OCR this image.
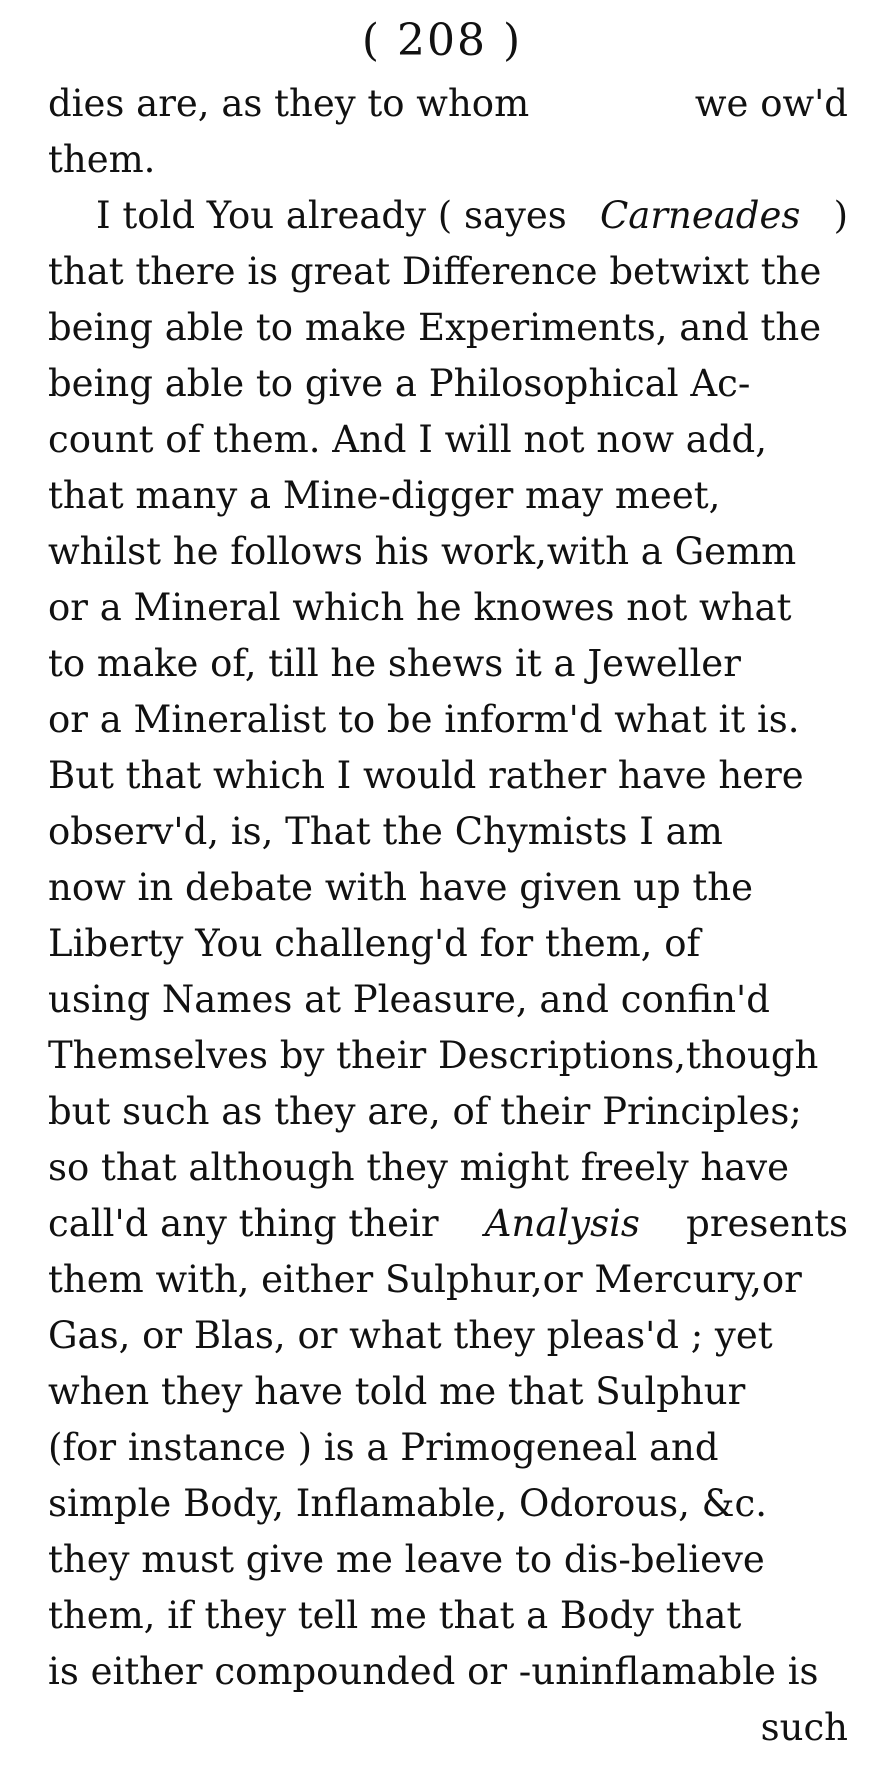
( 208 )
dies are, as they to whom	we ow'd
them.
I told You already ( sayes Carneades )
that there is great Difference betwixt the
being able to make Experiments, and the
being able to give a Philosophical Ac-
count of them. And I will not now add,
that many a Mine-digger may meet,
whilst he follows his work,with a Gemm
or a Mineral which he knowes not what
to make of, till he shews it a Jeweller
or a Mineralist to be inform'd what it is.
But that which I would rather have here
observ'd, is, That the Chymists I am
now in debate with have given up the
Liberty You challeng'd for them, of
using Names at Pleasure, and confin'd
Themselves by their Descriptions,though
but such as they are, of their Principles;
so that although they might freely have
call'd any thing their Analysis presents
them with, either Sulphur,or Mercury,or
Gas, or Blas, or what they pleas'd ; yet
when they have told me that Sulphur
(for instance ) is a Primogeneal and
simple Body, Inflamable, Odorous, &c.
they must give me leave to dis-believe
them, if they tell me that a Body that
is either compounded or -uninflamable is
such
